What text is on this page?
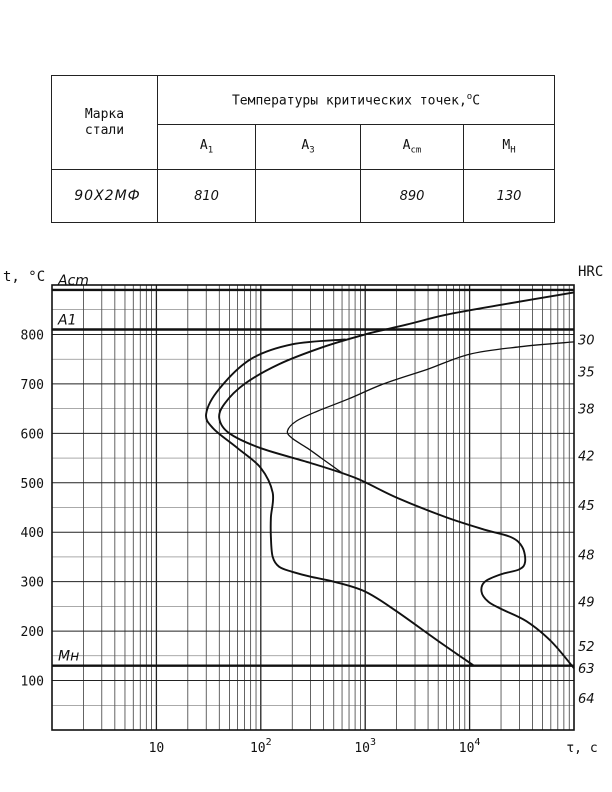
Марка
стали	Температуры критических точек,$^o$С			
	$A_1$	$A_3$	$A_{cm}$	$M_H$
90Х2МФ	810		890	130
Acm
A1
Mн
100
200
300
400
500
600
700
800
10	$10^2$	$10^3$	$10^4$	τ, с
30
35
38
42
45
48
49
52
63
64
t, °С	HRC
